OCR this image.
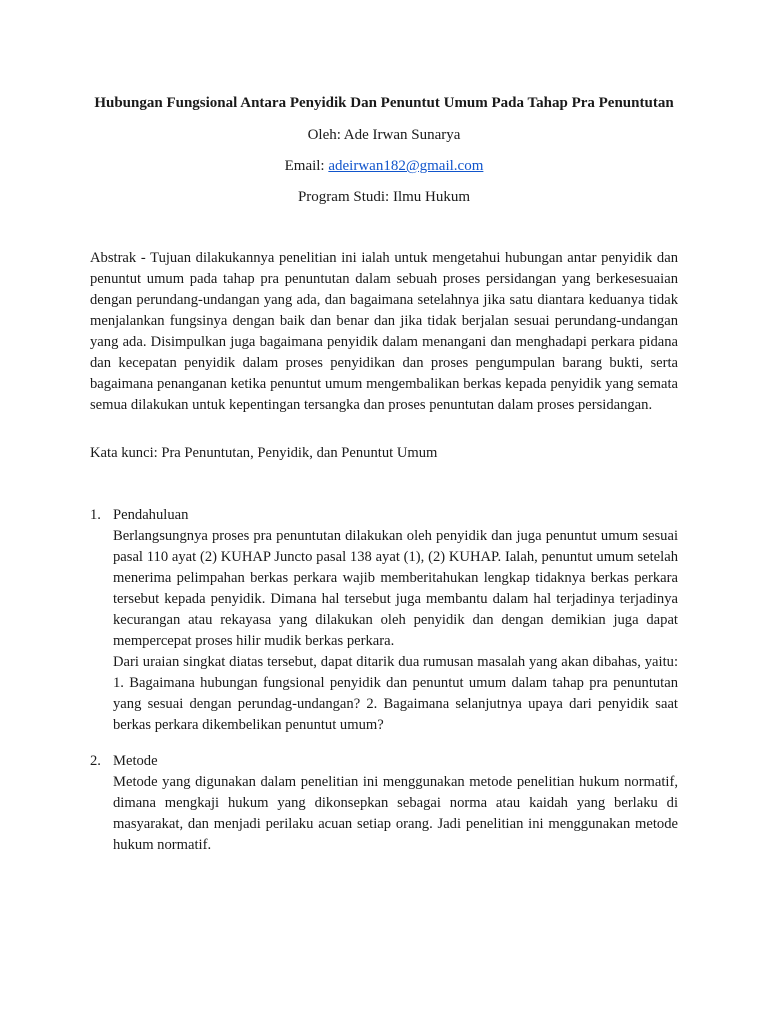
Hubungan Fungsional Antara Penyidik Dan Penuntut Umum Pada Tahap Pra Penuntutan
Oleh: Ade Irwan Sunarya
Email: adeirwan182@gmail.com
Program Studi: Ilmu Hukum
Abstrak - Tujuan dilakukannya penelitian ini ialah untuk mengetahui hubungan antar penyidik dan penuntut umum pada tahap pra penuntutan dalam sebuah proses persidangan yang berkesesuaian dengan perundang-undangan yang ada, dan bagaimana setelahnya jika satu diantara keduanya tidak menjalankan fungsinya dengan baik dan benar dan jika tidak berjalan sesuai perundang-undangan yang ada. Disimpulkan juga bagaimana penyidik dalam menangani dan menghadapi perkara pidana dan kecepatan penyidik dalam proses penyidikan dan proses pengumpulan barang bukti, serta bagaimana penanganan ketika penuntut umum mengembalikan berkas kepada penyidik yang semata semua dilakukan untuk kepentingan tersangka dan proses penuntutan dalam proses persidangan.
Kata kunci: Pra Penuntutan, Penyidik, dan Penuntut Umum
1. Pendahuluan

Berlangsungnya proses pra penuntutan dilakukan oleh penyidik dan juga penuntut umum sesuai pasal 110 ayat (2) KUHAP Juncto pasal 138 ayat (1), (2) KUHAP. Ialah, penuntut umum setelah menerima pelimpahan berkas perkara wajib memberitahukan lengkap tidaknya berkas perkara tersebut kepada penyidik. Dimana hal tersebut juga membantu dalam hal terjadinya terjadinya kecurangan atau rekayasa yang dilakukan oleh penyidik dan dengan demikian juga dapat mempercepat proses hilir mudik berkas perkara.

Dari uraian singkat diatas tersebut, dapat ditarik dua rumusan masalah yang akan dibahas, yaitu: 1. Bagaimana hubungan fungsional penyidik dan penuntut umum dalam tahap pra penuntutan yang sesuai dengan perundag-undangan? 2. Bagaimana selanjutnya upaya dari penyidik saat berkas perkara dikembelikan penuntut umum?

2. Metode

Metode yang digunakan dalam penelitian ini menggunakan metode penelitian hukum normatif, dimana mengkaji hukum yang dikonsepkan sebagai norma atau kaidah yang berlaku di masyarakat, dan menjadi perilaku acuan setiap orang. Jadi penelitian ini menggunakan metode hukum normatif.
